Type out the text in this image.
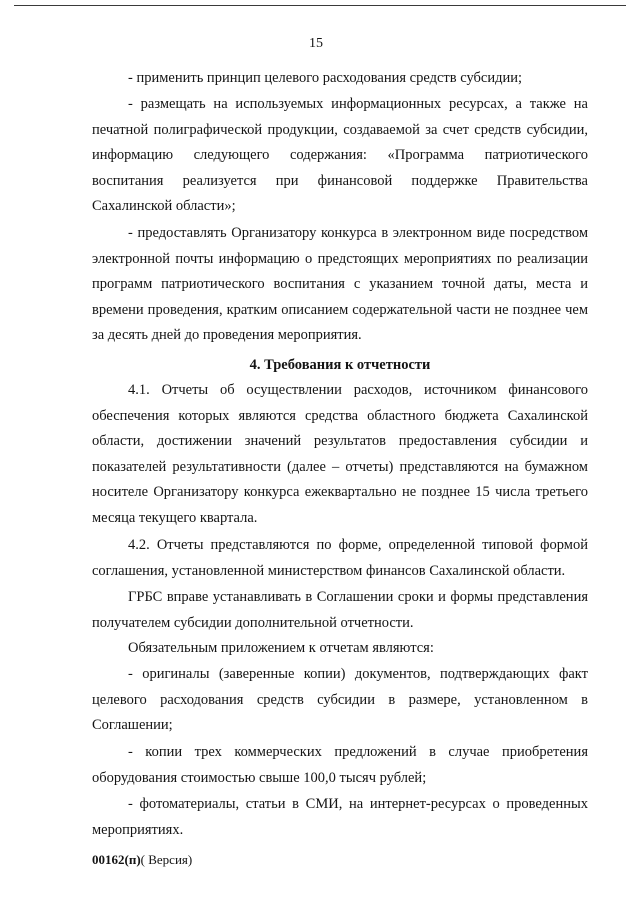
15

- применить принцип целевого расходования средств субсидии;

- размещать на используемых информационных ресурсах, а также на печатной полиграфической продукции, создаваемой за счет средств субсидии, информацию следующего содержания: «Программа патриотического воспитания реализуется при финансовой поддержке Правительства Сахалинской области»;

- предоставлять Организатору конкурса в электронном виде посредством электронной почты информацию о предстоящих мероприятиях по реализации программ патриотического воспитания с указанием точной даты, места и времени проведения, кратким описанием содержательной части не позднее чем за десять дней до проведения мероприятия.

4. Требования к отчетности

4.1. Отчеты об осуществлении расходов, источником финансового обеспечения которых являются средства областного бюджета Сахалинской области, достижении значений результатов предоставления субсидии и показателей результативности (далее – отчеты) представляются на бумажном носителе Организатору конкурса ежеквартально не позднее 15 числа третьего месяца текущего квартала.

4.2. Отчеты представляются по форме, определенной типовой формой соглашения, установленной министерством финансов Сахалинской области.

ГРБС вправе устанавливать в Соглашении сроки и формы представления получателем субсидии дополнительной отчетности.

Обязательным приложением к отчетам являются:

- оригиналы (заверенные копии) документов, подтверждающих факт целевого расходования средств субсидии в размере, установленном в Соглашении;

- копии трех коммерческих предложений в случае приобретения оборудования стоимостью свыше 100,0 тысяч рублей;

- фотоматериалы, статьи в СМИ, на интернет-ресурсах о проведенных мероприятиях.

00162(п)( Версия)
